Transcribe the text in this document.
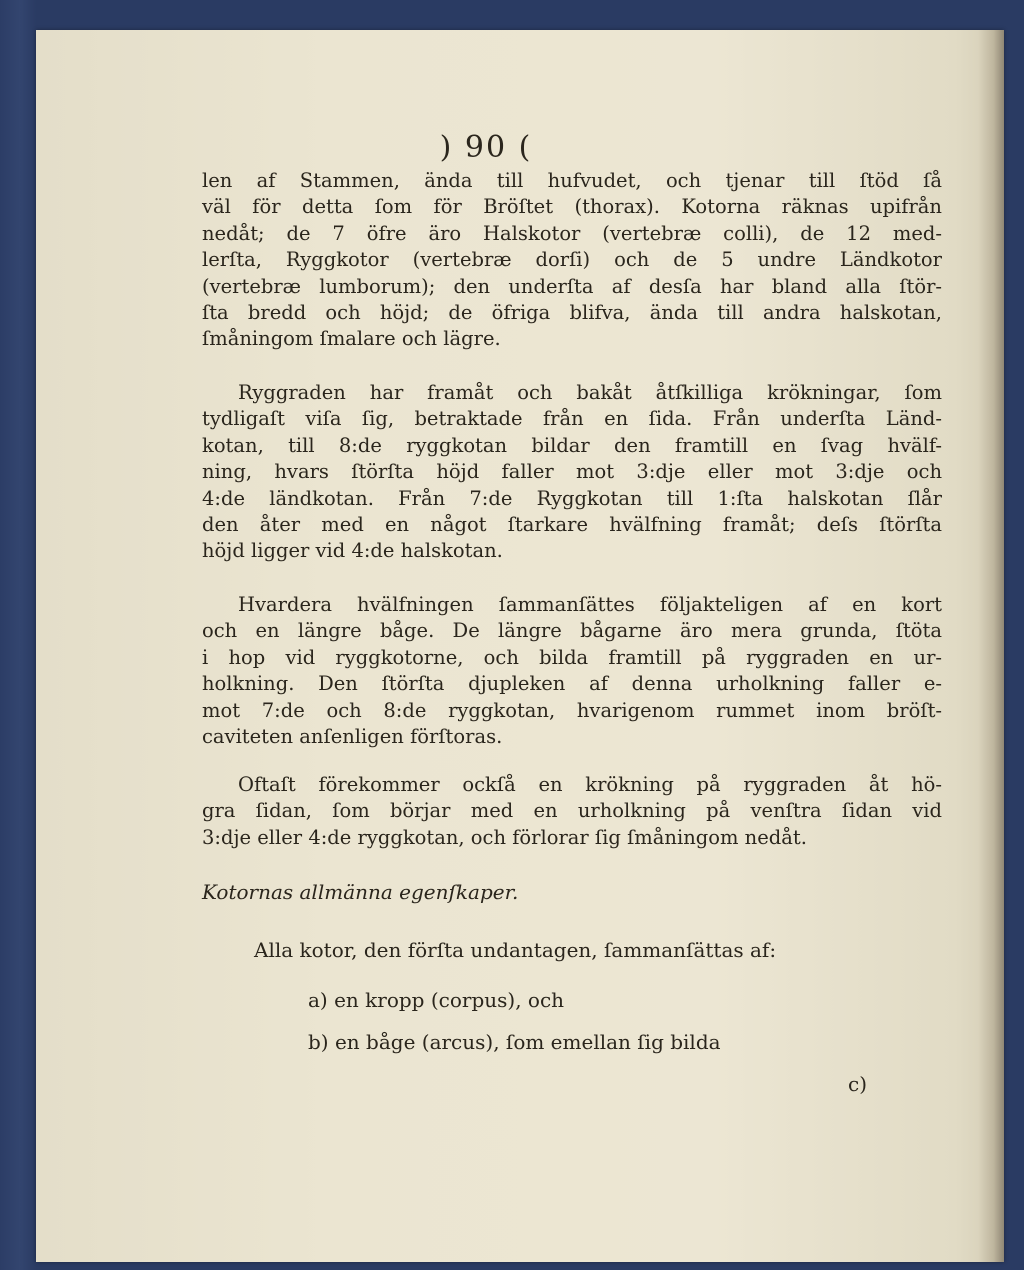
) 90 (
len af Stammen, ända till hufvudet, och tjenar till ſtöd ſå
väl för detta ſom för Bröſtet (thorax). Kotorna räknas upifrån
nedåt; de 7 öfre äro Halskotor (vertebræ colli), de 12 med-
lerſta, Ryggkotor (vertebræ dorſi) och de 5 undre Ländkotor
(vertebræ lumborum); den underſta af desſa har bland alla ſtör-
ſta bredd och höjd; de öfriga blifva, ända till andra halskotan,
ſmåningom ſmalare och lägre.
Ryggraden har framåt och bakåt åtſkilliga krökningar, ſom
tydligaſt viſa ſig, betraktade från en ſida. Från underſta Länd-
kotan, till 8:de ryggkotan bildar den framtill en ſvag hvälf-
ning, hvars ſtörſta höjd faller mot 3:dje eller mot 3:dje och
4:de ländkotan. Från 7:de Ryggkotan till 1:ſta halskotan ſlår
den åter med en något ſtarkare hvälfning framåt; deſs ſtörſta
höjd ligger vid 4:de halskotan.
Hvardera hvälfningen ſammanſättes följakteligen af en kort
och en längre båge. De längre bågarne äro mera grunda, ſtöta
i hop vid ryggkotorne, och bilda framtill på ryggraden en ur-
holkning. Den ſtörſta djupleken af denna urholkning faller e-
mot 7:de och 8:de ryggkotan, hvarigenom rummet inom bröſt-
caviteten anſenligen förſtoras.
Oftaſt förekommer ockſå en krökning på ryggraden åt hö-
gra ſidan, ſom börjar med en urholkning på venſtra ſidan vid
3:dje eller 4:de ryggkotan, och förlorar ſig ſmåningom nedåt.
Kotornas allmänna egenſkaper.
Alla kotor, den förſta undantagen, ſammanſättas af:
a) en kropp (corpus), och
b) en båge (arcus), ſom emellan ſig bilda
c)
